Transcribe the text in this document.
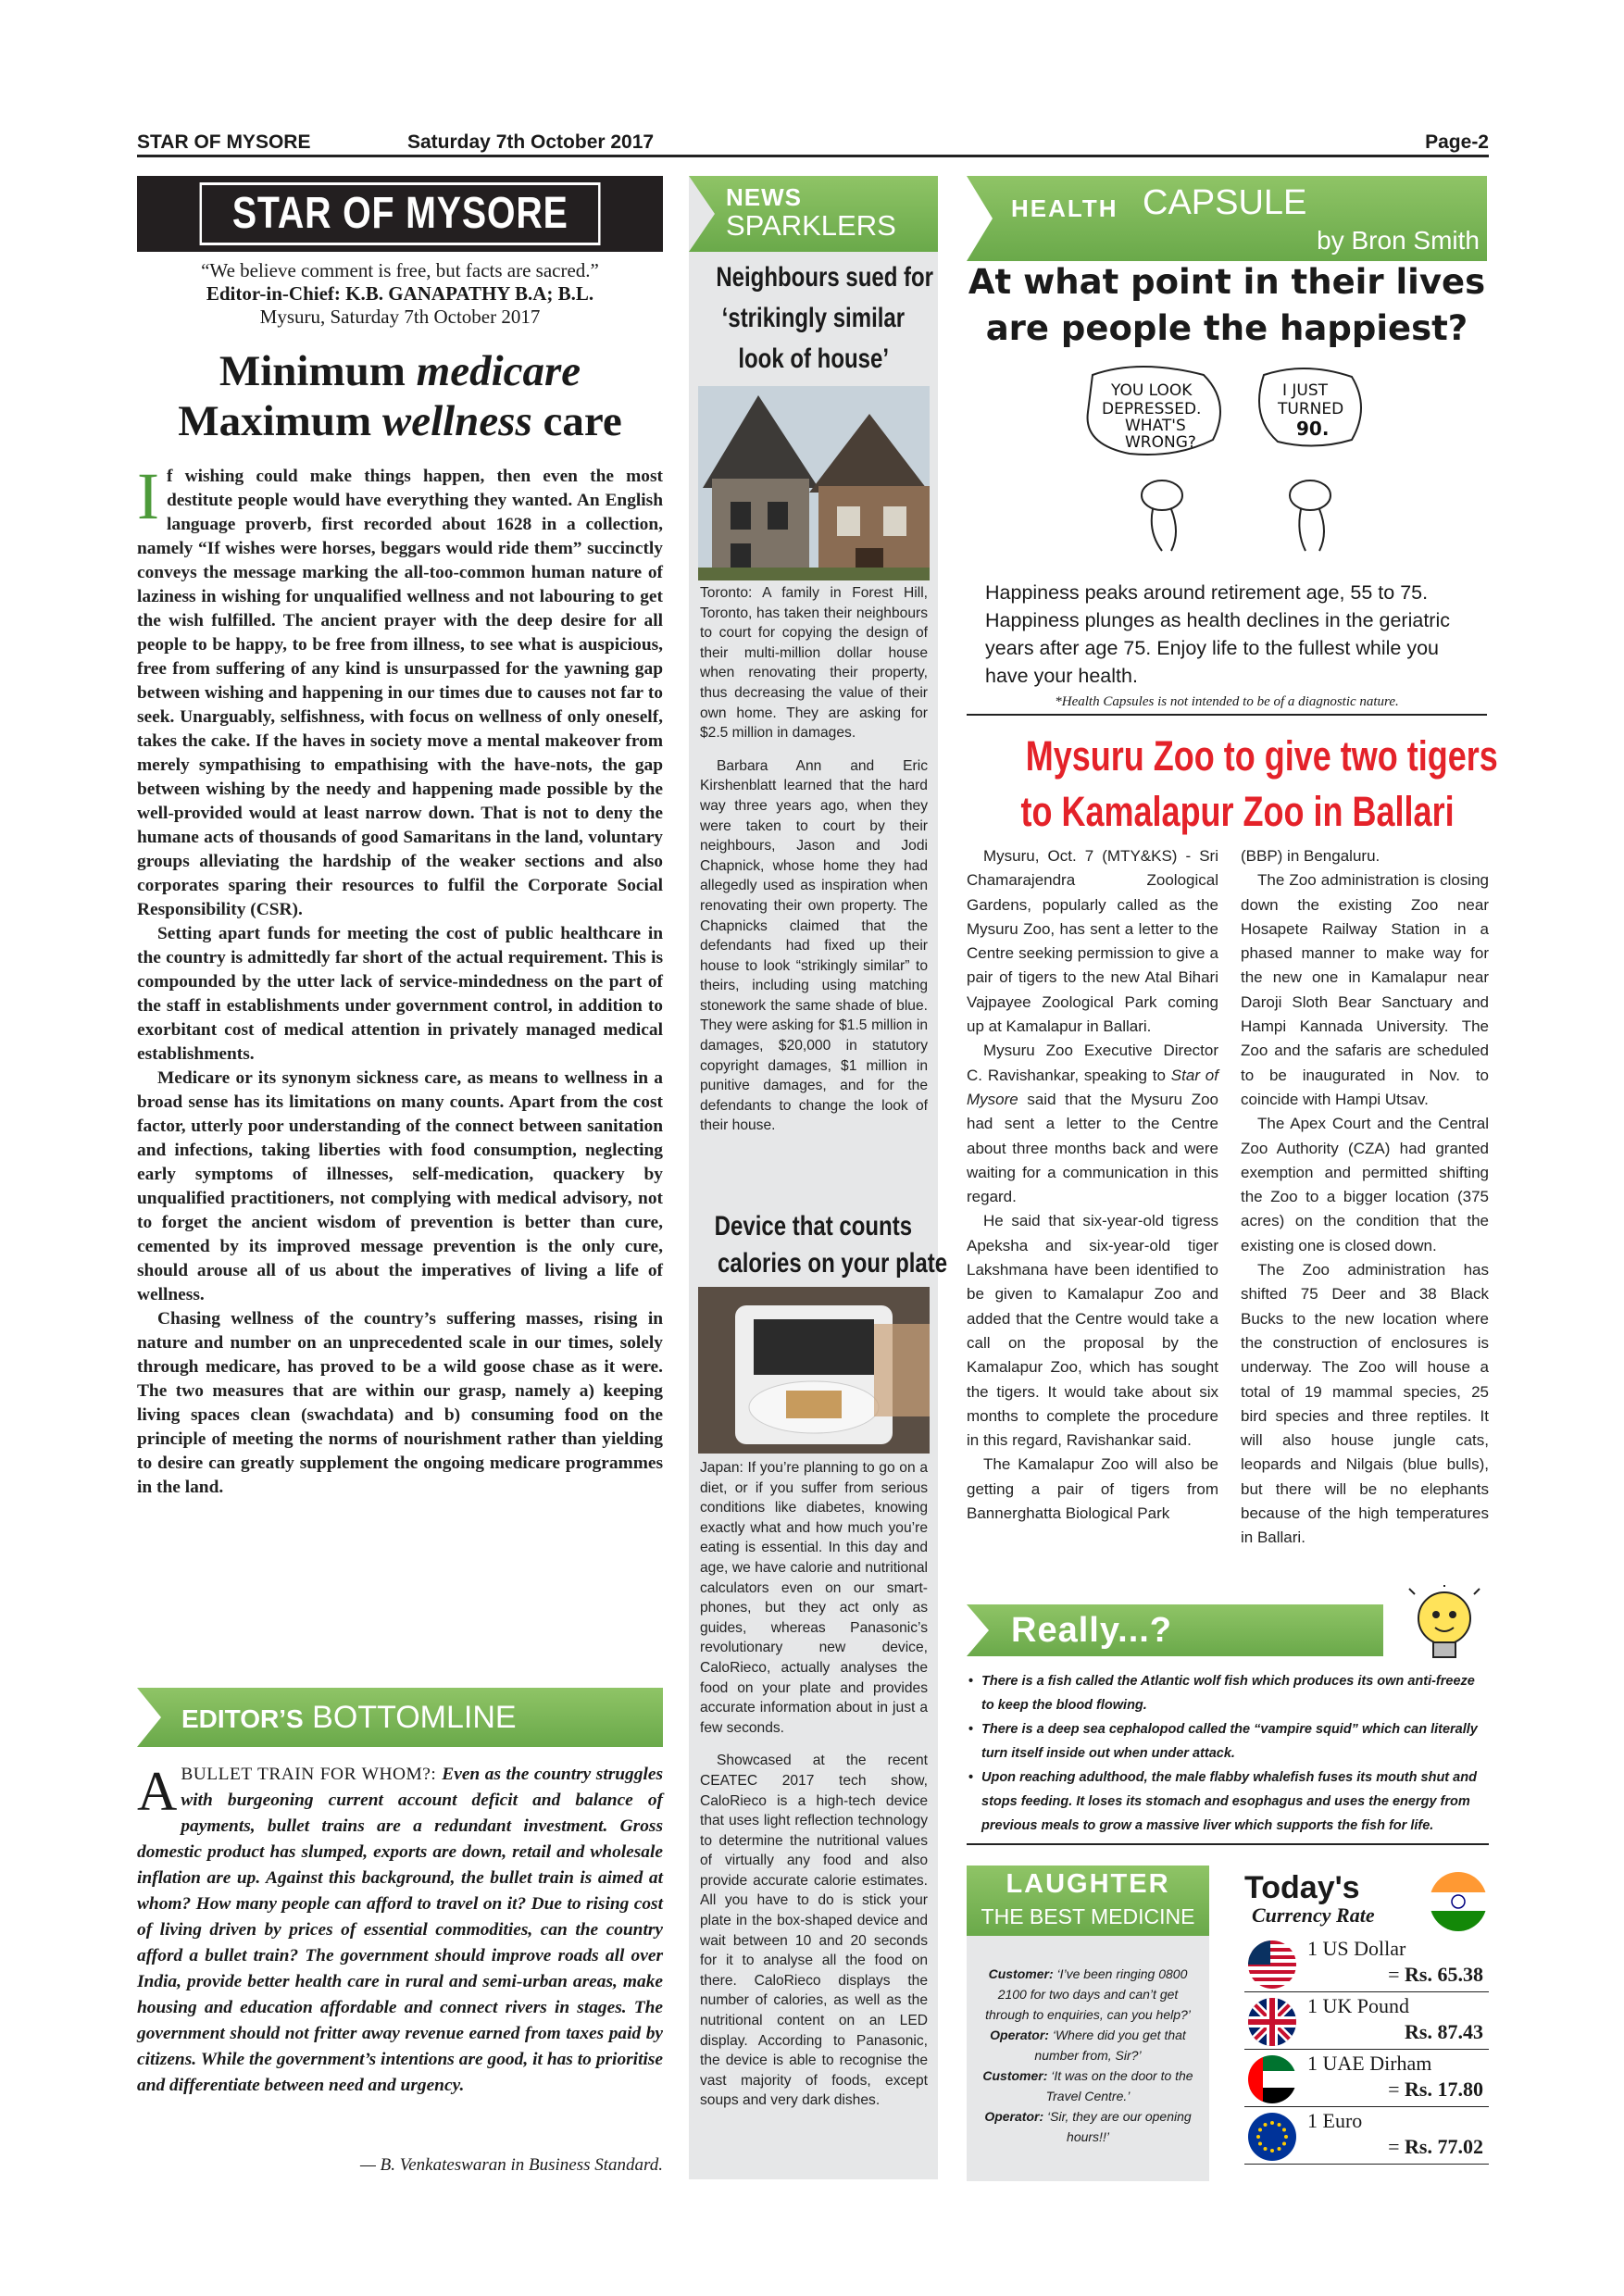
STAR OF MYSORE	Saturday 7th October 2017	Page-2
STAR OF MYSORE
“We believe comment is free, but facts are sacred.”
Editor-in-Chief: K.B. GANAPATHY B.A; B.L.
Mysuru, Saturday 7th October 2017
Minimum medicare
Maximum wellness care

If wishing could make things happen, then even the most destitute people would have everything they wanted. An English language proverb, first recorded about 1628 in a collection, namely “If wishes were horses, beggars would ride them” succinctly conveys the message marking the all-too-common human nature of laziness in wishing for unqualified wellness and not labouring to get the wish fulfilled. The ancient prayer with the deep desire for all people to be happy, to be free from illness, to see what is auspicious, free from suffering of any kind is unsurpassed for the yawning gap between wishing and happening in our times due to causes not far to seek. Unarguably, selfishness, with focus on wellness of only oneself, takes the cake. If the haves in society move a mental makeover from merely sympathising to empathising with the have-nots, the gap between wishing by the needy and happening made possible by the well-provided would at least narrow down. That is not to deny the humane acts of thousands of good Samaritans in the land, voluntary groups alleviating the hardship of the weaker sections and also corporates sparing their resources to fulfil the Corporate Social Responsibility (CSR).

Setting apart funds for meeting the cost of public healthcare in the country is admittedly far short of the actual requirement. This is compounded by the utter lack of service-mindedness on the part of the staff in establishments under government control, in addition to exorbitant cost of medical attention in privately managed medical establishments.

Medicare or its synonym sickness care, as means to wellness in a broad sense has its limitations on many counts. Apart from the cost factor, utterly poor understanding of the connect between sanitation and infections, taking liberties with food consumption, neglecting early symptoms of illnesses, self-medication, quackery by unqualified practitioners, not complying with medical advisory, not to forget the ancient wisdom of prevention is better than cure, cemented by its improved message prevention is the only cure, should arouse all of us about the imperatives of living a life of wellness.

Chasing wellness of the country’s suffering masses, rising in nature and number on an unprecedented scale in our times, solely through medicare, has proved to be a wild goose chase as it were. The two measures that are within our grasp, namely a) keeping living spaces clean (swachdata) and b) consuming food on the principle of meeting the norms of nourishment rather than yielding to desire can greatly supplement the ongoing medicare programmes in the land.

EDITOR’S BOTTOMLINE
ABULLET TRAIN FOR WHOM?: Even as the country struggles with burgeoning current account deficit and balance of payments, bullet trains are a redundant investment. Gross domestic product has slumped, exports are down, retail and wholesale inflation are up. Against this background, the bullet train is aimed at whom? How many people can afford to travel on it? Due to rising cost of living driven by prices of essential commodities, can the country afford a bullet train? The government should improve roads all over India, provide better health care in rural and semi-urban areas, make housing and education affordable and connect rivers in stages. The government should not fritter away revenue earned from taxes paid by citizens. While the government’s intentions are good, it has to prioritise and differentiate between need and urgency.
— B. Venkateswaran in Business Standard.
NEWS
SPARKLERS
Neighbours sued for
‘strikingly similar
look of house’

Toronto: A family in Forest Hill, Toronto, has taken their neighbours to court for copying the design of their multi-million dollar house when renovating their property, thus decreasing the value of their own home. They are asking for $2.5 million in damages.

Barbara Ann and Eric Kirshenblatt learned that the hard way three years ago, when they were taken to court by their neighbours, Jason and Jodi Chapnick, whose home they had allegedly used as inspiration when renovating their own property. The Chapnicks claimed that the defendants had fixed up their house to look “strikingly similar” to theirs, including using matching stonework the same shade of blue. They were asking for $1.5 million in damages, $20,000 in statutory copyright damages, $1 million in punitive damages, and for the defendants to change the look of their house.

Device that counts
calories on your plate

Japan: If you’re planning to go on a diet, or if you suffer from serious conditions like diabetes, knowing exactly what and how much you’re eating is essential. In this day and age, we have calorie and nutritional calculators even on our smart-phones, but they act only as guides, whereas Panasonic’s revolutionary new device, CaloRieco, actually analyses the food on your plate and provides accurate information about in just a few seconds.

Showcased at the recent CEATEC 2017 tech show, CaloRieco is a high-tech device that uses light reflection technology to determine the nutritional values of virtually any food and also provide accurate calorie estimates. All you have to do is stick your plate in the box-shaped device and wait between 10 and 20 seconds for it to analyse all the food on there. CaloRieco displays the number of calories, as well as the nutritional content on an LED display. According to Panasonic, the device is able to recognise the vast majority of foods, except soups and very dark dishes.

HEALTH CAPSULE
by Bron Smith
At what point in their lives
are people the happiest?
YOU LOOK
DEPRESSED.
WHAT'S
WRONG?
I JUST
TURNED
90.
Happiness peaks around retirement age, 55 to 75. Happiness plunges as health declines in the geriatric years after age 75. Enjoy life to the fullest while you have your health.
*Health Capsules is not intended to be of a diagnostic nature.
Mysuru Zoo to give two tigers
to Kamalapur Zoo in Ballari

Mysuru, Oct. 7 (MTY&KS) - Sri Chamarajendra Zoological Gardens, popularly called as the Mysuru Zoo, has sent a letter to the Centre seeking permission to give a pair of tigers to the new Atal Bihari Vajpayee Zoological Park coming up at Kamalapur in Ballari.

Mysuru Zoo Executive Director C. Ravishankar, speaking to Star of Mysore said that the Mysuru Zoo had sent a letter to the Centre about three months back and were waiting for a communication in this regard.

He said that six-year-old tigress Apeksha and six-year-old tiger Lakshmana have been identified to be given to Kamalapur Zoo and added that the Centre would take a call on the proposal by the Kamalapur Zoo, which has sought the tigers. It would take about six months to complete the procedure in this regard, Ravishankar said.

The Kamalapur Zoo will also be getting a pair of tigers from Bannerghatta Biological Park

(BBP) in Bengaluru.

The Zoo administration is closing down the existing Zoo near Hosapete Railway Station in a phased manner to make way for the new one in Kamalapur near Daroji Sloth Bear Sanctuary and Hampi Kannada University. The Zoo and the safaris are scheduled to be inaugurated in Nov. to coincide with Hampi Utsav.

The Apex Court and the Central Zoo Authority (CZA) had granted exemption and permitted shifting the Zoo to a bigger location (375 acres) on the condition that the existing one is closed down.

The Zoo administration has shifted 75 Deer and 38 Black Bucks to the new location where the construction of enclosures is underway. The Zoo will house a total of 19 mammal species, 25 bird species and three reptiles. It will also house jungle cats, leopards and Nilgais (blue bulls), but there will be no elephants because of the high temperatures in Ballari.

Really...?
• There is a fish called the Atlantic wolf fish which produces its own anti-freeze to keep the blood flowing.
• There is a deep sea cephalopod called the “vampire squid” which can literally turn itself inside out when under attack.
• Upon reaching adulthood, the male flabby whalefish fuses its mouth shut and stops feeding. It loses its stomach and esophagus and uses the energy from previous meals to grow a massive liver which supports the fish for life.
LAUGHTER
THE BEST MEDICINE
Customer: ‘I’ve been ringing 0800 2100 for two days and can’t get through to enquiries, can you help?’
Operator: ‘Where did you get that number from, Sir?’
Customer: ‘It was on the door to the Travel Centre.’
Operator: ‘Sir, they are our opening hours!!’
Today's
Currency Rate
1 US Dollar
= Rs. 65.38
1 UK Pound
Rs. 87.43
1 UAE Dirham
= Rs. 17.80
1 Euro
= Rs. 77.02
